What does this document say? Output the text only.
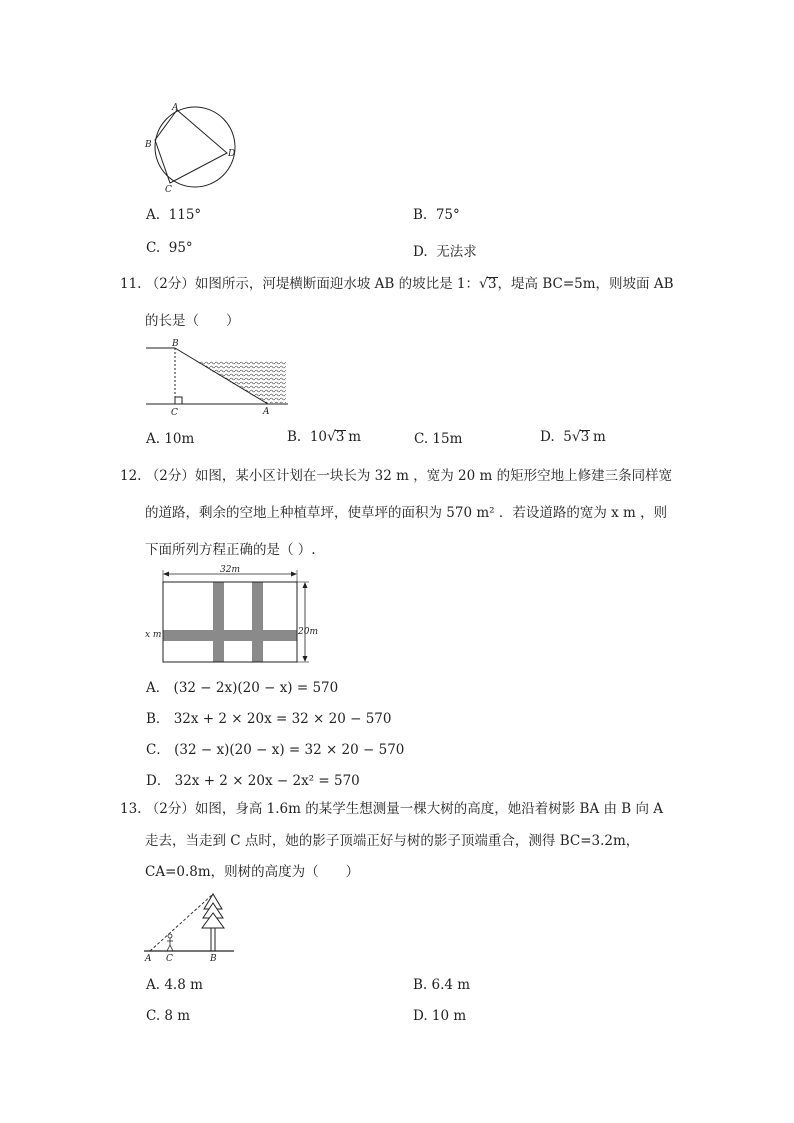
A
B
C
D
A. 115°	B. 75°
C. 95°	D. 无法求
11. （2分）如图所示，河堤横断面迎水坡 AB 的坡比是 1：√3，堤高 BC=5m，则坡面 AB
的长是（　　）
B
C	A
A. 10m	B. 10√3  m	C. 15m	D. 5√3  m
12. （2分）如图，某小区计划在一块长为 32 m ，宽为 20 m 的矩形空地上修建三条同样宽
的道路，剩余的空地上种植草坪，使草坪的面积为 570 m² ．若设道路的宽为 x m ，则
下面所列方程正确的是（ ）.
32m
20m
x m
A． (32 − 2x)(20 − x) = 570
B． 32x + 2 × 20x = 32 × 20 − 570
C． (32 − x)(20 − x) = 32 × 20 − 570
D． 32x + 2 × 20x − 2x² = 570
13. （2分）如图，身高 1.6m 的某学生想测量一棵大树的高度，她沿着树影 BA 由 B 向 A
走去，当走到 C 点时，她的影子顶端正好与树的影子顶端重合，测得 BC=3.2m，
CA=0.8m，则树的高度为（　　）
A C	B
A. 4.8 m	B. 6.4 m
C. 8 m	D. 10 m
